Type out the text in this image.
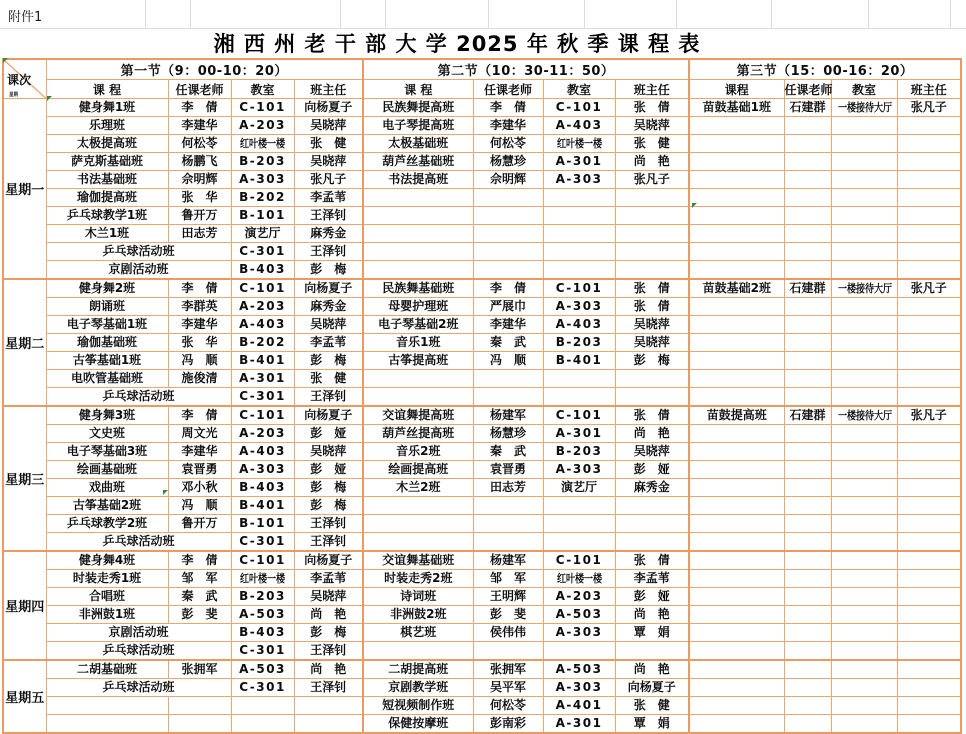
附件1
湘 西 州 老 干 部 大 学 2025 年 秋 季 课 程 表
课次
星期	第一节（9：00-10：20）				第二节（10：30-11：50）				第三节（15：00-16：20）			
	课 程	任课老师	教室	班主任	课 程	任课老师	教室	班主任	课程	任课老师	教室	班主任
星期一	健身舞1班	李　倩	C-101	向杨夏子	民族舞提高班	李　倩	C-101	张　倩	苗鼓基础1班	石建群	一楼接待大厅	张凡子
	乐理班	李建华	A-203	吴晓萍	电子琴提高班	李建华	A-403	吴晓萍				
	太极提高班	何松苓	红叶楼一楼	张　健	太极基础班	何松苓	红叶楼一楼	张　健				
	萨克斯基础班	杨鹏飞	B-203	吴晓萍	葫芦丝基础班	杨慧珍	A-301	尚　艳				
	书法基础班	佘明辉	A-303	张凡子	书法提高班	佘明辉	A-303	张凡子				
	瑜伽提高班	张　华	B-202	李孟苇								
	乒乓球教学1班	鲁开万	B-101	王泽钊								
	木兰1班	田志芳	演艺厅	麻秀金								
	乒乓球活动班		C-301	王泽钊								
	京剧活动班		B-403	彭　梅								
星期二	健身舞2班	李　倩	C-101	向杨夏子	民族舞基础班	李　倩	C-101	张　倩	苗鼓基础2班	石建群	一楼接待大厅	张凡子
	朗诵班	李群英	A-203	麻秀金	母婴护理班	严展巾	A-303	张　倩				
	电子琴基础1班	李建华	A-403	吴晓萍	电子琴基础2班	李建华	A-403	吴晓萍				
	瑜伽基础班	张　华	B-202	李孟苇	音乐1班	秦　武	B-203	吴晓萍				
	古筝基础1班	冯　顺	B-401	彭　梅	古筝提高班	冯　顺	B-401	彭　梅				
	电吹管基础班	施俊清	A-301	张　健								
	乒乓球活动班		C-301	王泽钊								
星期三	健身舞3班	李　倩	C-101	向杨夏子	交谊舞提高班	杨建军	C-101	张　倩	苗鼓提高班	石建群	一楼接待大厅	张凡子
	文史班	周文光	A-203	彭　娅	葫芦丝提高班	杨慧珍	A-301	尚　艳				
	电子琴基础3班	李建华	A-403	吴晓萍	音乐2班	秦　武	B-203	吴晓萍				
	绘画基础班	袁晋勇	A-303	彭　娅	绘画提高班	袁晋勇	A-303	彭　娅				
	戏曲班	邓小秋	B-403	彭　梅	木兰2班	田志芳	演艺厅	麻秀金				
	古筝基础2班	冯　顺	B-401	彭　梅								
	乒乓球教学2班	鲁开万	B-101	王泽钊								
	乒乓球活动班		C-301	王泽钊								
星期四	健身舞4班	李　倩	C-101	向杨夏子	交谊舞基础班	杨建军	C-101	张　倩				
	时装走秀1班	邹　军	红叶楼一楼	李孟苇	时装走秀2班	邹　军	红叶楼一楼	李孟苇				
	合唱班	秦　武	B-203	吴晓萍	诗词班	王明辉	A-203	彭　娅				
	非洲鼓1班	彭　斐	A-503	尚　艳	非洲鼓2班	彭　斐	A-503	尚　艳				
	京剧活动班		B-403	彭　梅	棋艺班	侯伟伟	A-303	覃　娟				
	乒乓球活动班		C-301	王泽钊								
星期五	二胡基础班	张拥军	A-503	尚　艳	二胡提高班	张拥军	A-503	尚　艳				
	乒乓球活动班		C-301	王泽钊	京剧教学班	吴平军	A-303	向杨夏子				
					短视频制作班	何松苓	A-401	张　健				
					保健按摩班	彭南彩	A-301	覃　娟				
